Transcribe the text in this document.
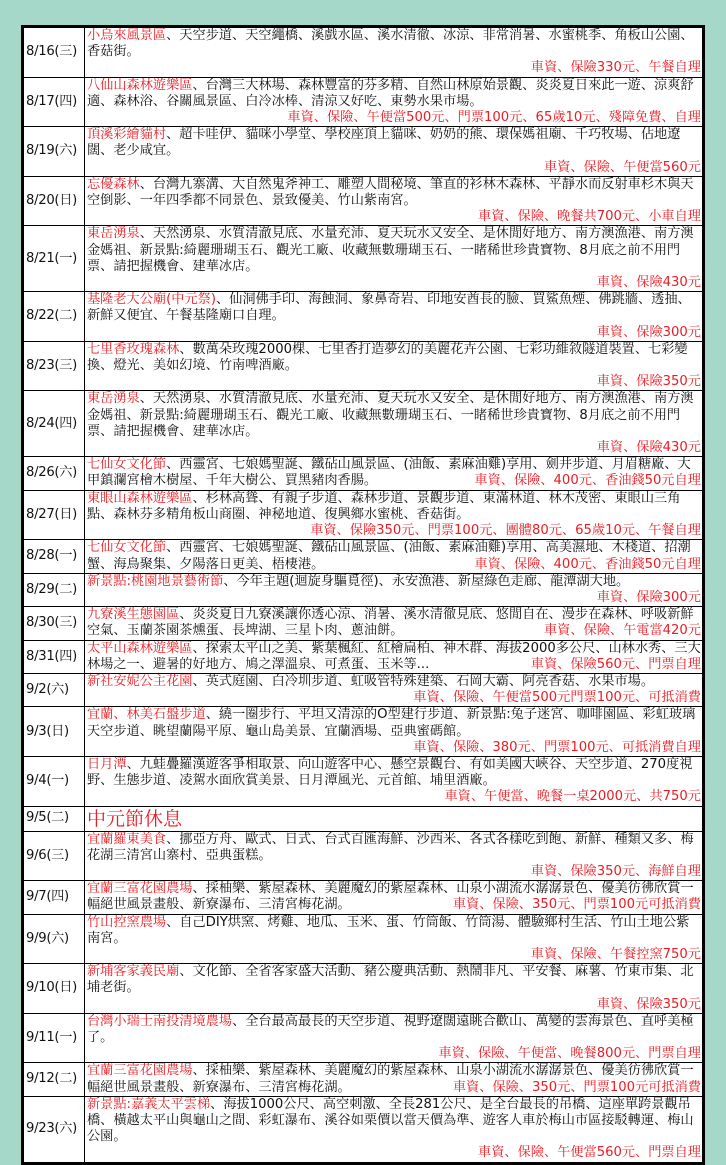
8/16(三)	小烏來風景區、天空步道、天空繩橋、溪戲水區、溪水清徹、冰涼、非常消暑、水蜜桃季、角板山公園、香菇街。
車資、保險330元、午餐自理

8/17(四)	八仙山森林遊樂區、台灣三大林場、森林豐富的芬多精、自然山林原始景觀、炎炎夏日來此一遊、涼爽舒適、森林浴、谷關風景區、白冷冰棒、清涼又好吃、東勢水果市場。
車資、保險、午便當500元、門票100元、65歲10元、殘障免費、自理

8/19(六)	頂溪彩繪貓村、超卡哇伊、貓咪小學堂、學校座頂上貓咪、奶奶的熊、環保媽祖廟、千巧牧場、佔地遼闊、老少咸宜。
車資、保險、午便當560元

8/20(日)	忘優森林、台灣九寨溝、大自然鬼斧神工、雕塑人間秘境、筆直的衫林木森林、平靜水而反射車杉木與天空倒影、一年四季都不同景色、景致優美、竹山紫南宮。
車資、保險、晚餐共700元、小車自理

8/21(一)	東岳湧泉、天然湧泉、水質清澈見底、水量充沛、夏天玩水又安全、是休閒好地方、南方澳漁港、南方澳金媽祖、新景點:綺麗珊瑚玉石、觀光工廠、收藏無數珊瑚玉石、一睹稀世珍貴寶物、8月底之前不用門票、請把握機會、建華冰店。
車資、保險430元

8/22(二)	基隆老大公廟(中元祭)、仙洞佛手印、海蝕洞、象鼻奇岩、印地安酋長的臉、買鯊魚煙、佛跳牆、透抽、新鮮又便宜、午餐基隆廟口自理。
車資、保險300元

8/23(三)	七里香玫瑰森林、數萬朵玫瑰2000棵、七里香打造夢幻的美麗花卉公園、七彩功維敘隧道裝置、七彩變換、燈光、美如幻境、竹南啤酒廠。
車資、保險350元

8/24(四)	東岳湧泉、天然湧泉、水質清澈見底、水量充沛、夏天玩水又安全、是休閒好地方、南方澳漁港、南方澳金媽祖、新景點:綺麗珊瑚玉石、觀光工廠、收藏無數珊瑚玉石、一睹稀世珍貴寶物、8月底之前不用門票、請把握機會、建華冰店。
車資、保險430元

8/26(六)	七仙女文化節、西靈宮、七娘媽聖誕、鐵砧山風景區、(油飯、素麻油雞)享用、劍井步道、月眉糖廠、大甲鎮瀾宮檜木樹屋、千年大樹公、買黑豬肉香腸。 車資、保險、400元、香油錢50元自理

8/27(日)	東眼山森林遊樂區、杉林高聳、有親子步道、森林步道、景觀步道、東滿林道、林木茂密、東眼山三角點、森林芬多精角板山商圈、神秘地道、復興鄉水蜜桃、香菇街。
車資、保險350元、門票100元、團體80元、65歲10元、午餐自理

8/28(一)	七仙女文化節、西靈宮、七娘媽聖誕、鐵砧山風景區、(油飯、素麻油雞)享用、高美濕地、木棧道、招潮蟹、海鳥聚集、夕陽落日更美、梧棲港。 車資、保險、400元、香油錢50元自理

8/29(二)	新景點:桃園地景藝術節、今年主題(迴旋身驅覓徑)、永安漁港、新屋綠色走廊、龍潭湖大地。
車資、保險300元

8/30(三)	九寮溪生態園區、炎炎夏日九寮溪讓你透心涼、消暑、溪水清徹見底、悠閒自在、漫步在森林、呼吸新鮮空氣、玉蘭茶園茶燻蛋、長埤湖、三星卜肉、蔥油餅。 車資、保險、午電當420元

8/31(四)	太平山森林遊樂區、探索太平山之美、紫葉楓紅、紅檜扁柏、神木群、海拔2000多公尺、山林水秀、三大林場之一、避暑的好地方、鳩之澤溫泉、可煮蛋、玉米等... 車資、保險560元、門票自理

9/2(六)	新社安妮公主花園、英式庭園、白冷圳步道、虹吸管特殊建築、石岡大霸、阿亮香菇、水果市場。
車資、保險、午便當500元門票100元、可抵消費

9/3(日)	宜蘭、林美石盤步道、繞一圈步行、平坦又清涼的O型建行步道、新景點:兔子迷宮、咖啡園區、彩虹玻璃天空步道、眺望蘭陽平原、龜山島美景、宜蘭酒場、亞典蜜碼館。
車資、保險、380元、門票100元、可抵消費自理

9/4(一)	日月潭、九蛙疊羅漢遊客爭相取景、向山遊客中心、懸空景觀台、有如美國大峽谷、天空步道、270度視野、生態步道、凌駕水面欣賞美景、日月潭風光、元首館、埔里酒廠。
車資、午便當、晚餐一桌2000元、共750元

9/5(二)	中元節休息
9/6(三)	宜蘭羅東美食、挪亞方舟、歐式、日式、台式百匯海鮮、沙西米、各式各樣吃到飽、新鮮、種類又多、梅花湖三清宮山寨村、亞典蛋糕。
車資、保險350元、海鮮自理

9/7(四)	宜蘭三富花園農場、採柚樂、紫屋森林、美麗魔幻的紫屋森林、山泉小湖流水潺潺景色、優美彷彿欣賞一幅絕世風景畫般、新寮瀑布、三清宮梅花湖。 車資、保險、350元、門票100元可抵消費

9/9(六)	竹山控窯農場、自己DIY烘窯、烤雞、地瓜、玉米、蛋、竹筒飯、竹筒湯、體驗鄉村生活、竹山土地公紫南宮。
車資、保險、午餐控窯750元

9/10(日)	新埔客家義民廟、文化節、全省客家盛大活動、豬公慶典活動、熱鬧非凡、平安餐、麻薯、竹東市集、北埔老街。
車資、保險350元

9/11(一)	台灣小瑞士南投清境農場、全台最高最長的天空步道、視野遼闊遠眺合歡山、萬變的雲海景色、直呼美極了。
車資、保險、午便當、晚餐800元、門票自理

9/12(二)	宜蘭三富花園農場、採柚樂、紫屋森林、美麗魔幻的紫屋森林、山泉小湖流水潺潺景色、優美彷彿欣賞一幅絕世風景畫般、新寮瀑布、三清宮梅花湖。 車資、保險、350元、門票100元可抵消費

9/23(六)	新景點:嘉義太平雲梯、海拔1000公尺、高空刺激、全長281公尺、是全台最長的吊橋、這座單跨景觀吊橋、橫越太平山與龜山之間、彩虹瀑布、溪谷如栗價以當天價為準、遊客人車於梅山市區接駁轉運、梅山公園。
車資、保險、午便當560元、門票自理
